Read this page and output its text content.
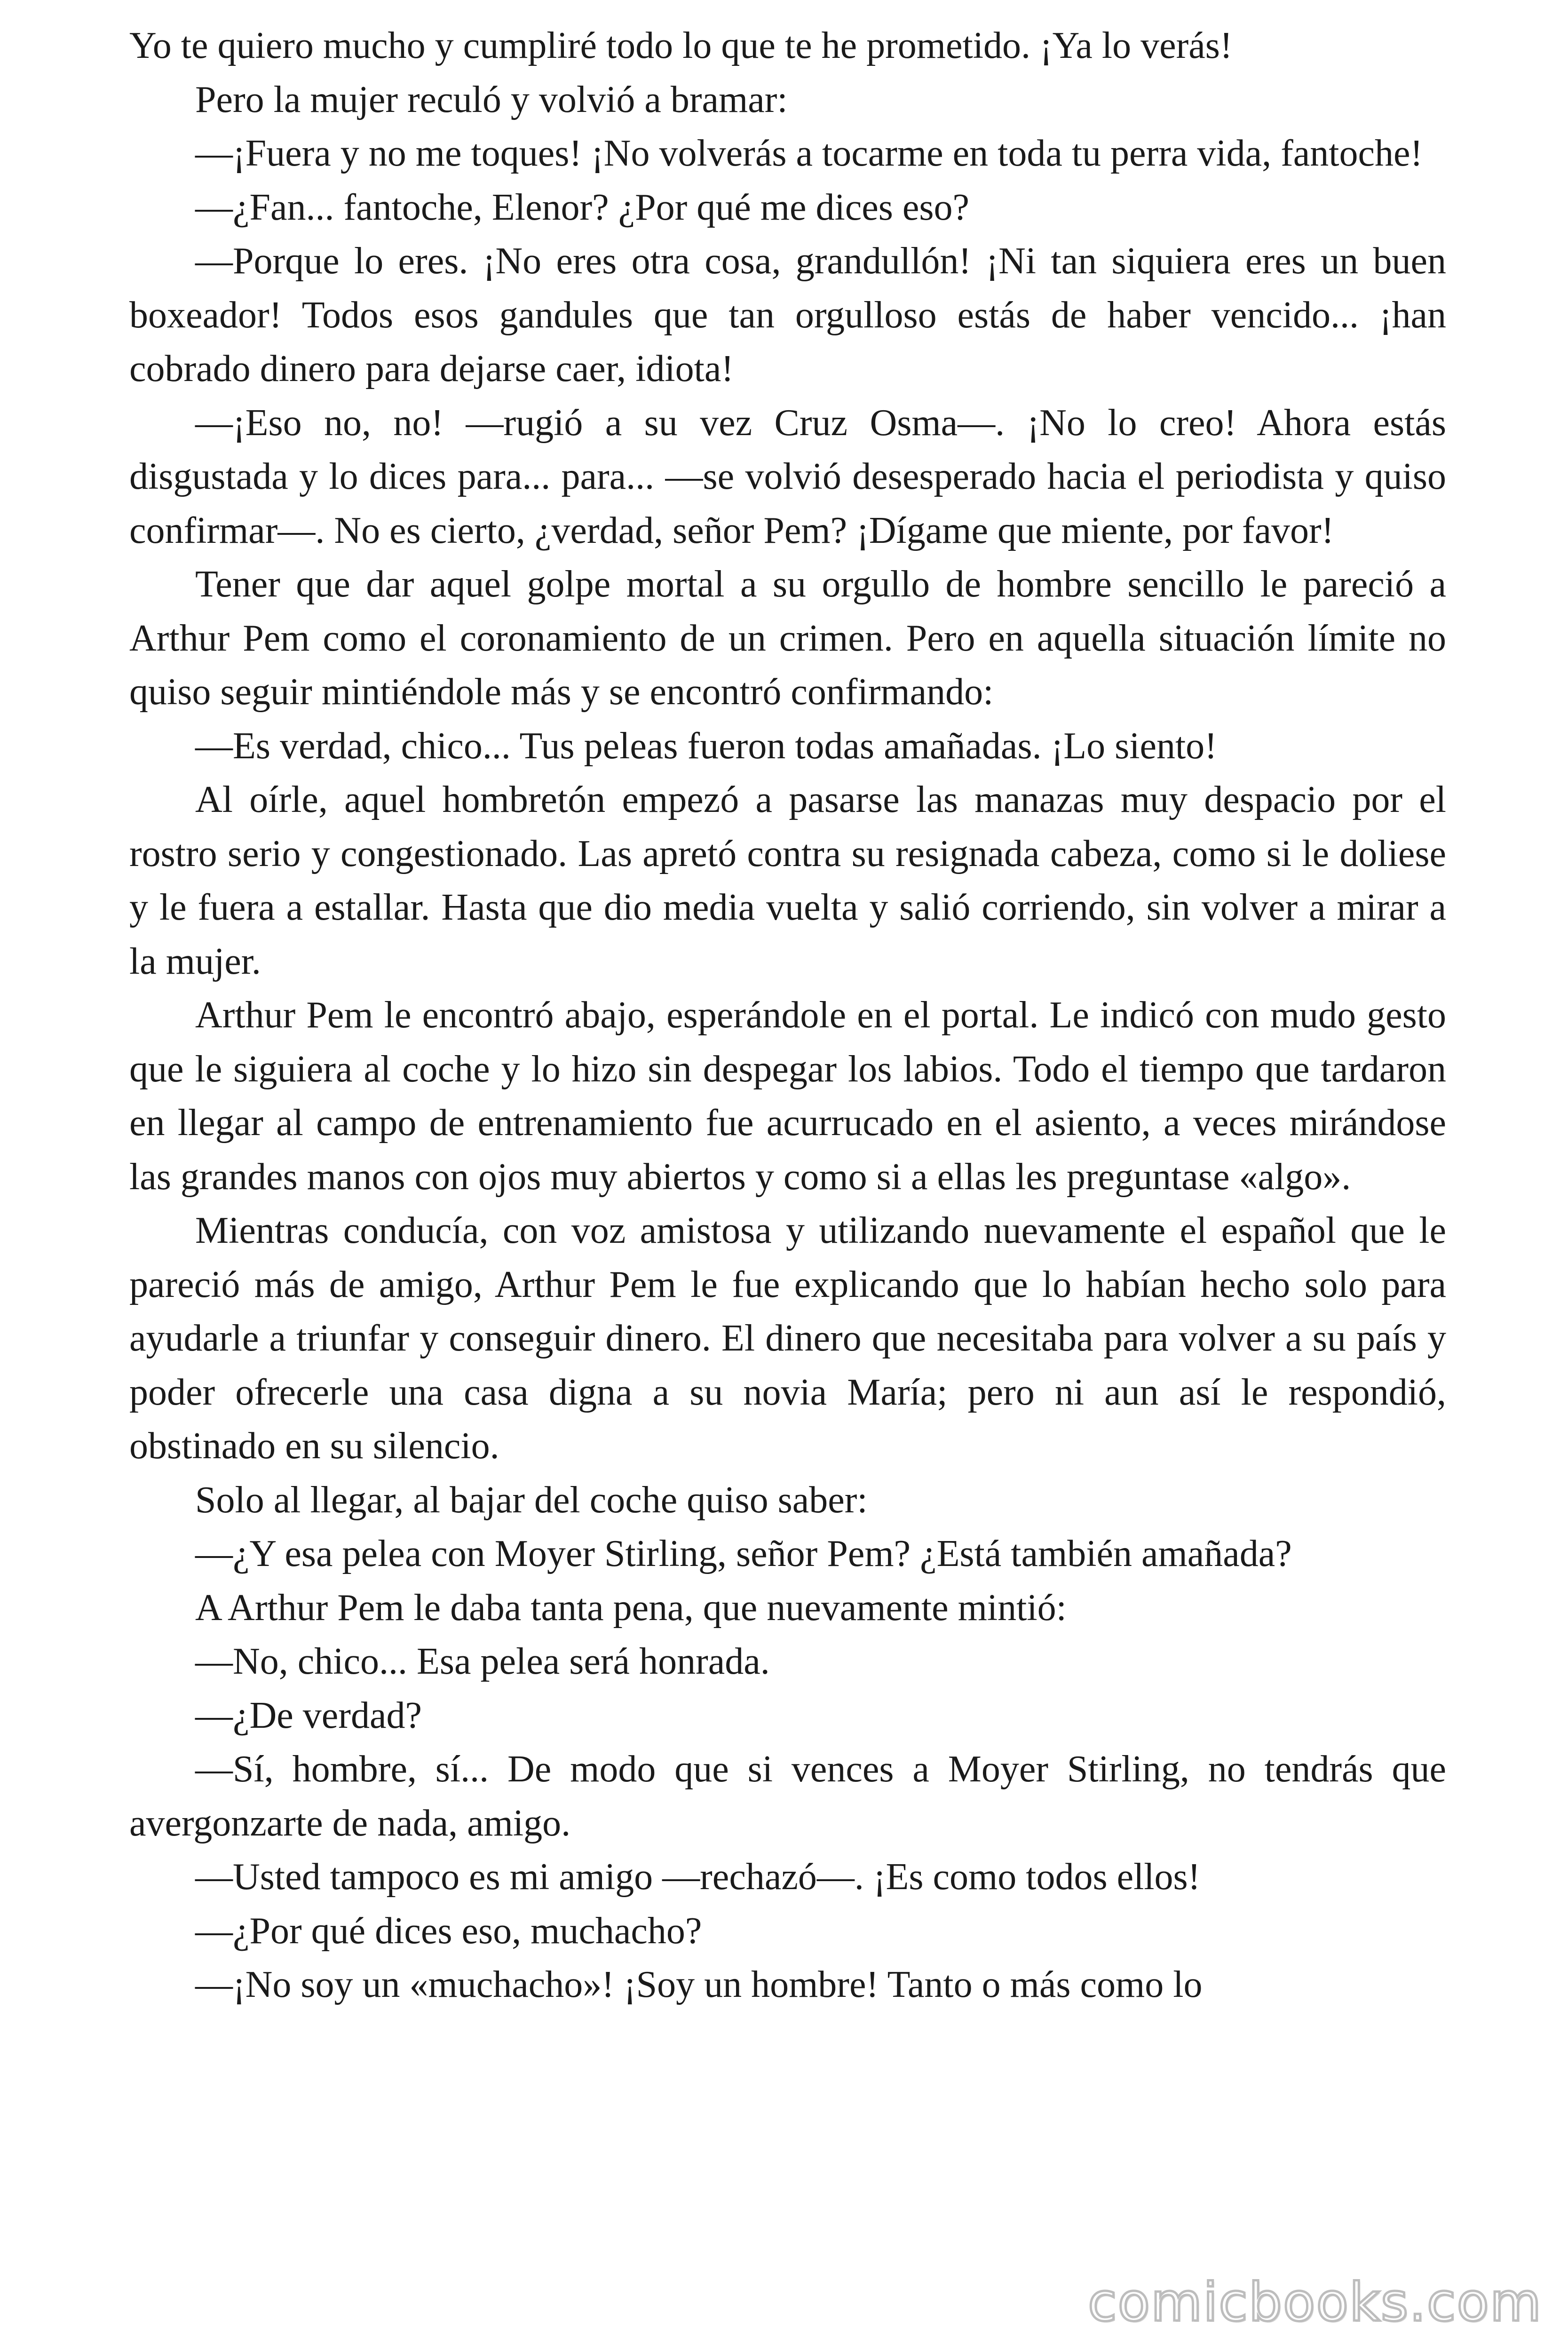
Yo te quiero mucho y cumpliré todo lo que te he prometido. ¡Ya lo verás!

Pero la mujer reculó y volvió a bramar:

—¡Fuera y no me toques! ¡No volverás a tocarme en toda tu perra vida, fantoche!

—¿Fan... fantoche, Elenor? ¿Por qué me dices eso?

—Porque lo eres. ¡No eres otra cosa, grandullón! ¡Ni tan siquiera eres un buen boxeador! Todos esos gandules que tan orgulloso estás de haber vencido... ¡han cobrado dinero para dejarse caer, idiota!

—¡Eso no, no! —rugió a su vez Cruz Osma—. ¡No lo creo! Ahora estás disgustada y lo dices para... para... —se volvió desesperado hacia el periodista y quiso confirmar—. No es cierto, ¿verdad, señor Pem? ¡Dígame que miente, por favor!

Tener que dar aquel golpe mortal a su orgullo de hombre sencillo le pareció a Arthur Pem como el coronamiento de un crimen. Pero en aquella situación límite no quiso seguir mintiéndole más y se encontró confirmando:

—Es verdad, chico... Tus peleas fueron todas amañadas. ¡Lo siento!

Al oírle, aquel hombretón empezó a pasarse las manazas muy despacio por el rostro serio y congestionado. Las apretó contra su resignada cabeza, como si le doliese y le fuera a estallar. Hasta que dio media vuelta y salió corriendo, sin volver a mirar a la mujer.

Arthur Pem le encontró abajo, esperándole en el portal. Le indicó con mudo gesto que le siguiera al coche y lo hizo sin despegar los labios. Todo el tiempo que tardaron en llegar al campo de entrenamiento fue acurrucado en el asiento, a veces mirándose las grandes manos con ojos muy abiertos y como si a ellas les preguntase «algo».

Mientras conducía, con voz amistosa y utilizando nuevamente el español que le pareció más de amigo, Arthur Pem le fue explicando que lo habían hecho solo para ayudarle a triunfar y conseguir dinero. El dinero que necesitaba para volver a su país y poder ofrecerle una casa digna a su novia María; pero ni aun así le respondió, obstinado en su silencio.

Solo al llegar, al bajar del coche quiso saber:

—¿Y esa pelea con Moyer Stirling, señor Pem? ¿Está también amañada?

A Arthur Pem le daba tanta pena, que nuevamente mintió:

—No, chico... Esa pelea será honrada.

—¿De verdad?

—Sí, hombre, sí... De modo que si vences a Moyer Stirling, no tendrás que avergonzarte de nada, amigo.

—Usted tampoco es mi amigo —rechazó—. ¡Es como todos ellos!

—¿Por qué dices eso, muchacho?

—¡No soy un «muchacho»! ¡Soy un hombre! Tanto o más como lo

comicbooks.com
